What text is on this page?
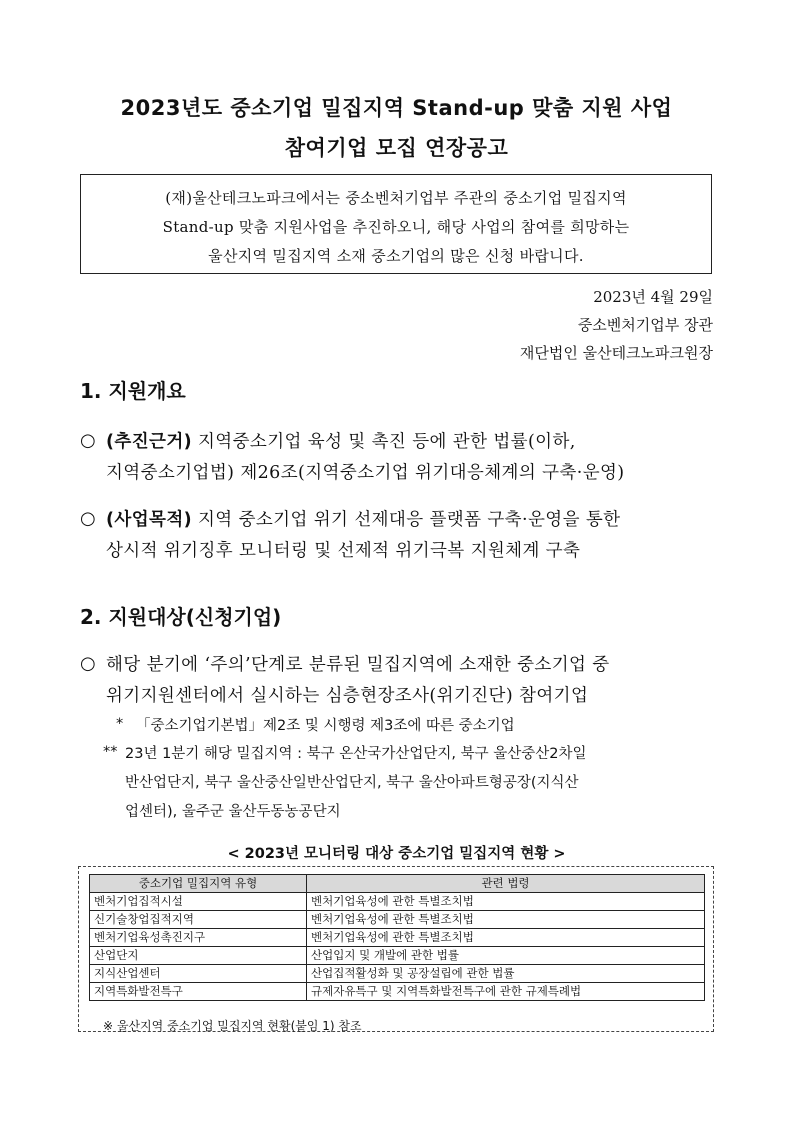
2023년도 중소기업 밀집지역 Stand-up 맞춤 지원 사업
참여기업 모집 연장공고
(재)울산테크노파크에서는 중소벤처기업부 주관의 중소기업 밀집지역
Stand-up 맞춤 지원사업을 추진하오니, 해당 사업의 참여를 희망하는
울산지역 밀집지역 소재 중소기업의 많은 신청 바랍니다.
2023년 4월 29일
중소벤처기업부 장관
재단법인 울산테크노파크원장
1. 지원개요
○ (추진근거) 지역중소기업 육성 및 촉진 등에 관한 법률(이하,
지역중소기업법) 제26조(지역중소기업 위기대응체계의 구축·운영)
○ (사업목적) 지역 중소기업 위기 선제대응 플랫폼 구축·운영을 통한
상시적 위기징후 모니터링 및 선제적 위기극복 지원체계 구축
2. 지원대상(신청기업)
○ 해당 분기에 ‘주의’단계로 분류된 밀집지역에 소재한 중소기업 중
위기지원센터에서 실시하는 심층현장조사(위기진단) 참여기업
* 「중소기업기본법」제2조 및 시행령 제3조에 따른 중소기업
** 23년 1분기 해당 밀집지역 : 북구 온산국가산업단지, 북구 울산중산2차일
반산업단지, 북구 울산중산일반산업단지, 북구 울산아파트형공장(지식산
업센터), 울주군 울산두동농공단지
< 2023년 모니터링 대상 중소기업 밀집지역 현황 >
중소기업 밀집지역 유형	관련 법령
벤처기업집적시설	벤처기업육성에 관한 특별조치법
신기술창업집적지역	벤처기업육성에 관한 특별조치법
벤처기업육성촉진지구	벤처기업육성에 관한 특별조치법
산업단지	산업입지 및 개발에 관한 법률
지식산업센터	산업집적활성화 및 공장설립에 관한 법률
지역특화발전특구	규제자유특구 및 지역특화발전특구에 관한 규제특례법
※ 울산지역 중소기업 밀집지역 현황(붙임 1) 참조
